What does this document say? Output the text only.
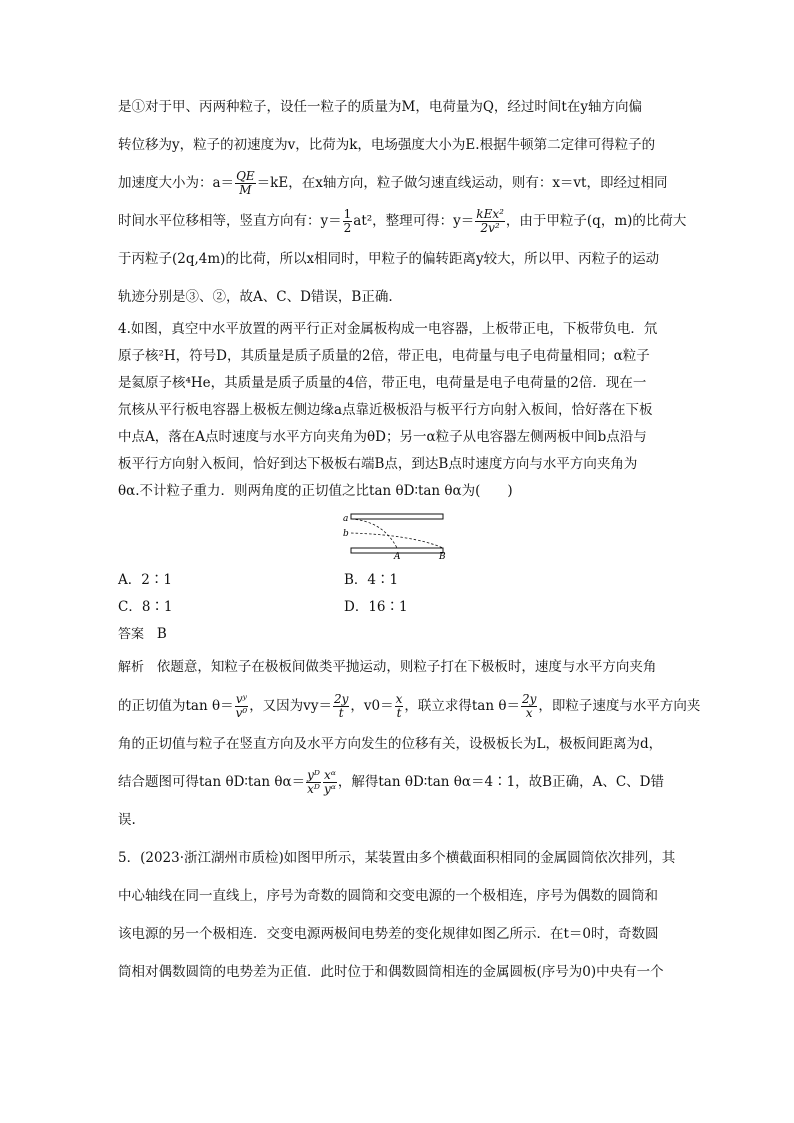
是①对于甲、丙两种粒子，设任一粒子的质量为M，电荷量为Q，经过时间t在y轴方向偏

转位移为y，粒子的初速度为v，比荷为k，电场强度大小为E.根据牛顿第二定律可得粒子的

加速度大小为：$a= \frac{QE}{M} =kE$，在x轴方向，粒子做匀速直线运动，则有：x＝vt，即经过相同

时间水平位移相等，竖直方向有：$y= \frac{1}{2} at^2$，整理可得：$y= \frac{\text{kEx²}}{\text{2v²}}$ ，由于甲粒子(q，m)的比荷大

于丙粒子(2q,4m)的比荷，所以x相同时，甲粒子的偏转距离y较大，所以甲、丙粒子的运动

轨迹分别是③、②，故A、C、D错误，B正确.

4.如图，真空中水平放置的两平行正对金属板构成一电容器，上板带正电，下板带负电．氘

原子核²H，符号D，其质量是质子质量的2倍，带正电，电荷量与电子电荷量相同；α粒子

是氦原子核⁴He，其质量是质子质量的4倍，带正电，电荷量是电子电荷量的2倍．现在一

氘核从平行板电容器上极板左侧边缘a点靠近极板沿与板平行方向射入板间，恰好落在下板

中点A，落在A点时速度与水平方向夹角为θD；另一α粒子从电容器左侧两板中间b点沿与

板平行方向射入板间，恰好到达下极板右端B点，到达B点时速度方向与水平方向夹角为

θα.不计粒子重力．则两角度的正切值之比tan θD∶tan θα为(　　)

a
b
A	B
A．2∶1	B．4∶1
C．8∶1	D．16∶1

答案 B

解析 依题意，知粒子在极板间做类平抛运动，则粒子打在下极板时，速度与水平方向夹角

的正切值为$\tan \theta= \frac{\text{vʸ}}{\text{v⁰}}$ ，又因为$vy= \frac{2y}{t}$ ，$v0= \frac{x}{t}$ ，联立求得$\tan \theta= \frac{2y}{x}$ ，即粒子速度与水平方向夹

角的正切值与粒子在竖直方向及水平方向发生的位移有关，设极板长为L，极板间距离为d，

结合题图可得tan θD∶tan $\theta\alpha= \frac{\text{yᴰ}}{\text{xᴰ}} \frac{\text{xᵅ}}{\text{yᵅ}}$ ，解得tan θD∶tan θα＝4∶1，故B正确，A、C、D错

误.

5．(2023·浙江湖州市质检)如图甲所示，某装置由多个横截面积相同的金属圆筒依次排列，其

中心轴线在同一直线上，序号为奇数的圆筒和交变电源的一个极相连，序号为偶数的圆筒和

该电源的另一个极相连．交变电源两极间电势差的变化规律如图乙所示．在t＝0时，奇数圆

筒相对偶数圆筒的电势差为正值．此时位于和偶数圆筒相连的金属圆板(序号为0)中央有一个
